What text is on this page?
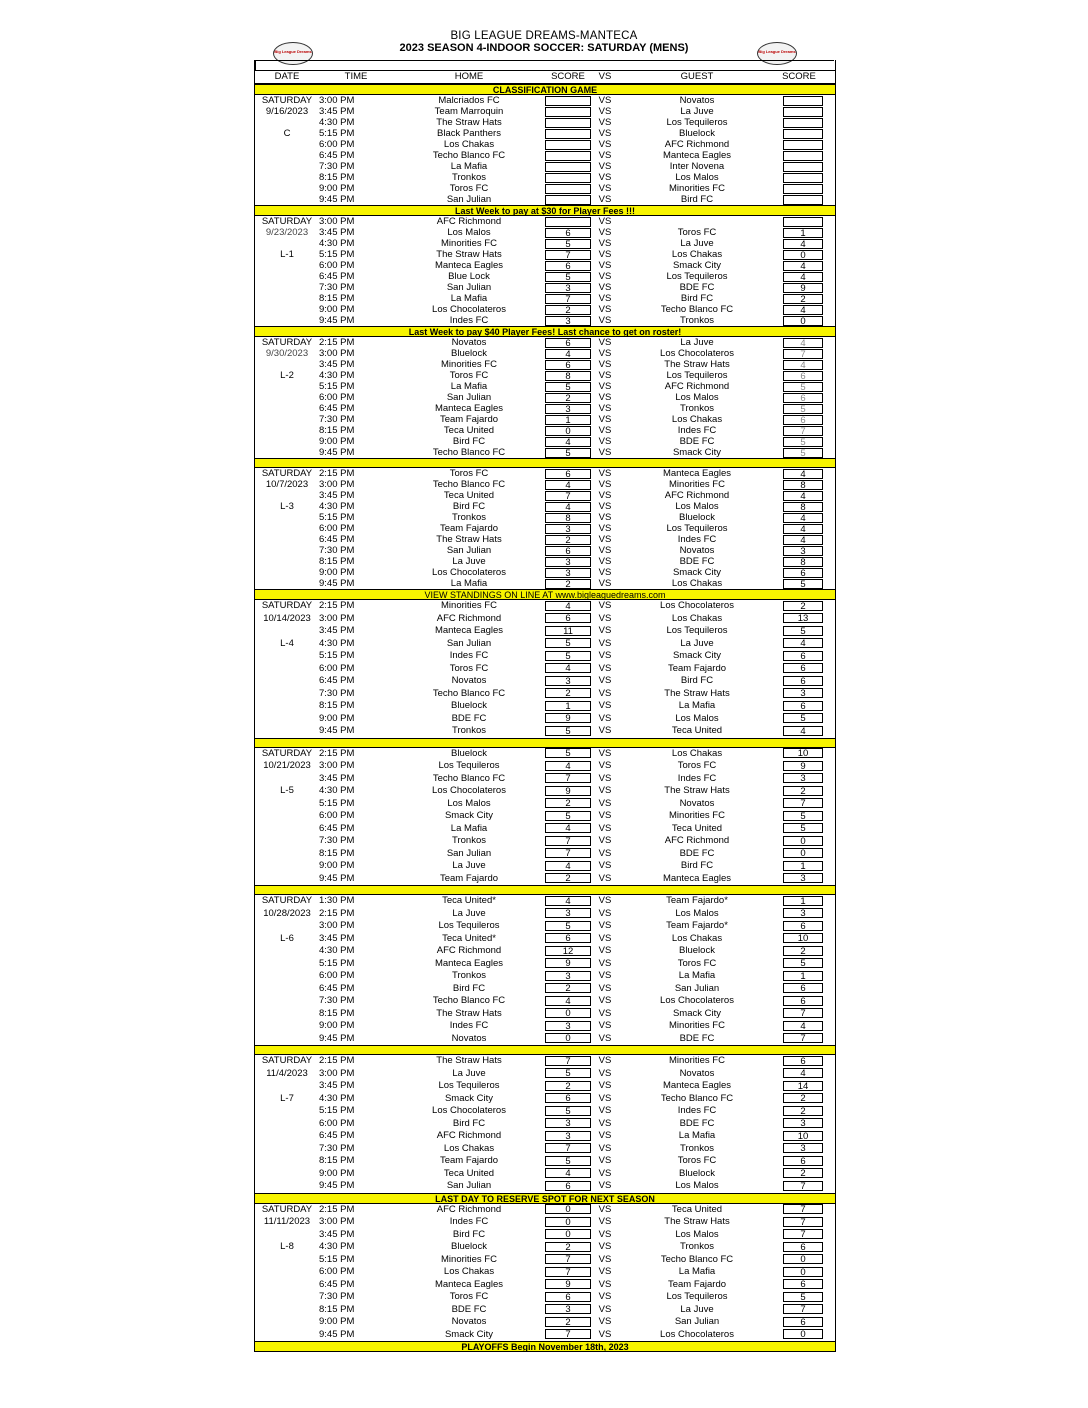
BIG LEAGUE DREAMS-MANTECA
2023 SEASON 4-INDOOR SOCCER: SATURDAY (MENS)
Big League Dreams	Big League Dreams
DATE	TIME	HOME	SCORE	VS	GUEST	SCORE
CLASSIFICATION GAME
SATURDAY 3:00 PM	Malcriados FC	VS	Novatos
9/16/2023	3:45 PM	Team Marroquin	VS	La Juve
4:30 PM	The Straw Hats	VS	Los Tequileros
C	5:15 PM	Black Panthers	VS	Bluelock
6:00 PM	Los Chakas	VS	AFC Richmond
6:45 PM	Techo Blanco FC	VS	Manteca Eagles
7:30 PM	La Mafia	VS	Inter Novena
8:15 PM	Tronkos	VS	Los Malos
9:00 PM	Toros FC	VS	Minorities FC
9:45 PM	San Julian	VS	Bird FC
Last Week to pay at $30 for Player Fees !!!
SATURDAY 3:00 PM	AFC Richmond	VS
9/23/2023	3:45 PM	Los Malos	6	VS	Toros FC	1
4:30 PM	Minorities FC	5	VS	La Juve	4
L-1	5:15 PM	The Straw Hats	7	VS	Los Chakas	0
6:00 PM	Manteca Eagles	6	VS	Smack City	4
6:45 PM	Blue Lock	5	VS	Los Tequileros	4
7:30 PM	San Julian	3	VS	BDE FC	9
8:15 PM	La Mafia	7	VS	Bird FC	2
9:00 PM	Los Chocolateros	2	VS	Techo Blanco FC	4
9:45 PM	Indes FC	3	VS	Tronkos	0
Last Week to pay $40 Player Fees! Last chance to get on roster!
SATURDAY 2:15 PM	Novatos	6	VS	La Juve	4
9/30/2023	3:00 PM	Bluelock	4	VS	Los Chocolateros	7
3:45 PM	Minorities FC	6	VS	The Straw Hats	4
L-2	4:30 PM	Toros FC	8	VS	Los Tequileros	6
5:15 PM	La Mafia	5	VS	AFC Richmond	5
6:00 PM	San Julian	2	VS	Los Malos	6
6:45 PM	Manteca Eagles	3	VS	Tronkos	5
7:30 PM	Team Fajardo	1	VS	Los Chakas	6
8:15 PM	Teca United	0	VS	Indes FC	7
9:00 PM	Bird FC	4	VS	BDE FC	5
9:45 PM	Techo Blanco FC	5	VS	Smack City	5
SATURDAY 2:15 PM	Toros FC	6	VS	Manteca Eagles	4
10/7/2023	3:00 PM	Techo Blanco FC	4	VS	Minorities FC	8
3:45 PM	Teca United	7	VS	AFC Richmond	4
L-3	4:30 PM	Bird FC	4	VS	Los Malos	8
5:15 PM	Tronkos	8	VS	Bluelock	4
6:00 PM	Team Fajardo	3	VS	Los Tequileros	4
6:45 PM	The Straw Hats	2	VS	Indes FC	4
7:30 PM	San Julian	6	VS	Novatos	3
8:15 PM	La Juve	3	VS	BDE FC	8
9:00 PM	Los Chocolateros	3	VS	Smack City	6
9:45 PM	La Mafia	2	VS	Los Chakas	5
VIEW STANDINGS ON LINE AT www.bigleaguedreams.com
SATURDAY 2:15 PM	Minorities FC	4	VS	Los Chocolateros	2
10/14/2023 3:00 PM	AFC Richmond	6	VS	Los Chakas	13
3:45 PM	Manteca Eagles	11	VS	Los Tequileros	5
L-4	4:30 PM	San Julian	5	VS	La Juve	4
5:15 PM	Indes FC	5	VS	Smack City	6
6:00 PM	Toros FC	4	VS	Team Fajardo	6
6:45 PM	Novatos	3	VS	Bird FC	6
7:30 PM	Techo Blanco FC	2	VS	The Straw Hats	3
8:15 PM	Bluelock	1	VS	La Mafia	6
9:00 PM	BDE FC	9	VS	Los Malos	5
9:45 PM	Tronkos	5	VS	Teca United	4
SATURDAY 2:15 PM	Bluelock	5	VS	Los Chakas	10
10/21/2023 3:00 PM	Los Tequileros	4	VS	Toros FC	9
3:45 PM	Techo Blanco FC	7	VS	Indes FC	3
L-5	4:30 PM	Los Chocolateros	9	VS	The Straw Hats	2
5:15 PM	Los Malos	2	VS	Novatos	7
6:00 PM	Smack City	5	VS	Minorities FC	5
6:45 PM	La Mafia	4	VS	Teca United	5
7:30 PM	Tronkos	7	VS	AFC Richmond	0
8:15 PM	San Julian	7	VS	BDE FC	0
9:00 PM	La Juve	4	VS	Bird FC	1
9:45 PM	Team Fajardo	2	VS	Manteca Eagles	3
SATURDAY 1:30 PM	Teca United*	4	VS	Team Fajardo*	1
10/28/2023 2:15 PM	La Juve	3	VS	Los Malos	3
3:00 PM	Los Tequileros	5	VS	Team Fajardo*	6
L-6	3:45 PM	Teca United*	6	VS	Los Chakas	10
4:30 PM	AFC Richmond	12	VS	Bluelock	2
5:15 PM	Manteca Eagles	9	VS	Toros FC	5
6:00 PM	Tronkos	3	VS	La Mafia	1
6:45 PM	Bird FC	2	VS	San Julian	6
7:30 PM	Techo Blanco FC	4	VS	Los Chocolateros	6
8:15 PM	The Straw Hats	0	VS	Smack City	7
9:00 PM	Indes FC	3	VS	Minorities FC	4
9:45 PM	Novatos	0	VS	BDE FC	7
SATURDAY 2:15 PM	The Straw Hats	7	VS	Minorities FC	6
11/4/2023	3:00 PM	La Juve	5	VS	Novatos	4
3:45 PM	Los Tequileros	2	VS	Manteca Eagles	14
L-7	4:30 PM	Smack City	6	VS	Techo Blanco FC	2
5:15 PM	Los Chocolateros	5	VS	Indes FC	2
6:00 PM	Bird FC	3	VS	BDE FC	3
6:45 PM	AFC Richmond	3	VS	La Mafia	10
7:30 PM	Los Chakas	7	VS	Tronkos	3
8:15 PM	Team Fajardo	5	VS	Toros FC	6
9:00 PM	Teca United	4	VS	Bluelock	2
9:45 PM	San Julian	6	VS	Los Malos	7
LAST DAY TO RESERVE SPOT FOR NEXT SEASON
SATURDAY 2:15 PM	AFC Richmond	0	VS	Teca United	7
11/11/2023 3:00 PM	Indes FC	0	VS	The Straw Hats	7
3:45 PM	Bird FC	0	VS	Los Malos	7
L-8	4:30 PM	Bluelock	2	VS	Tronkos	6
5:15 PM	Minorities FC	7	VS	Techo Blanco FC	0
6:00 PM	Los Chakas	7	VS	La Mafia	0
6:45 PM	Manteca Eagles	9	VS	Team Fajardo	6
7:30 PM	Toros FC	6	VS	Los Tequileros	5
8:15 PM	BDE FC	3	VS	La Juve	7
9:00 PM	Novatos	2	VS	San Julian	6
9:45 PM	Smack City	7	VS	Los Chocolateros	0
PLAYOFFS Begin November 18th, 2023
